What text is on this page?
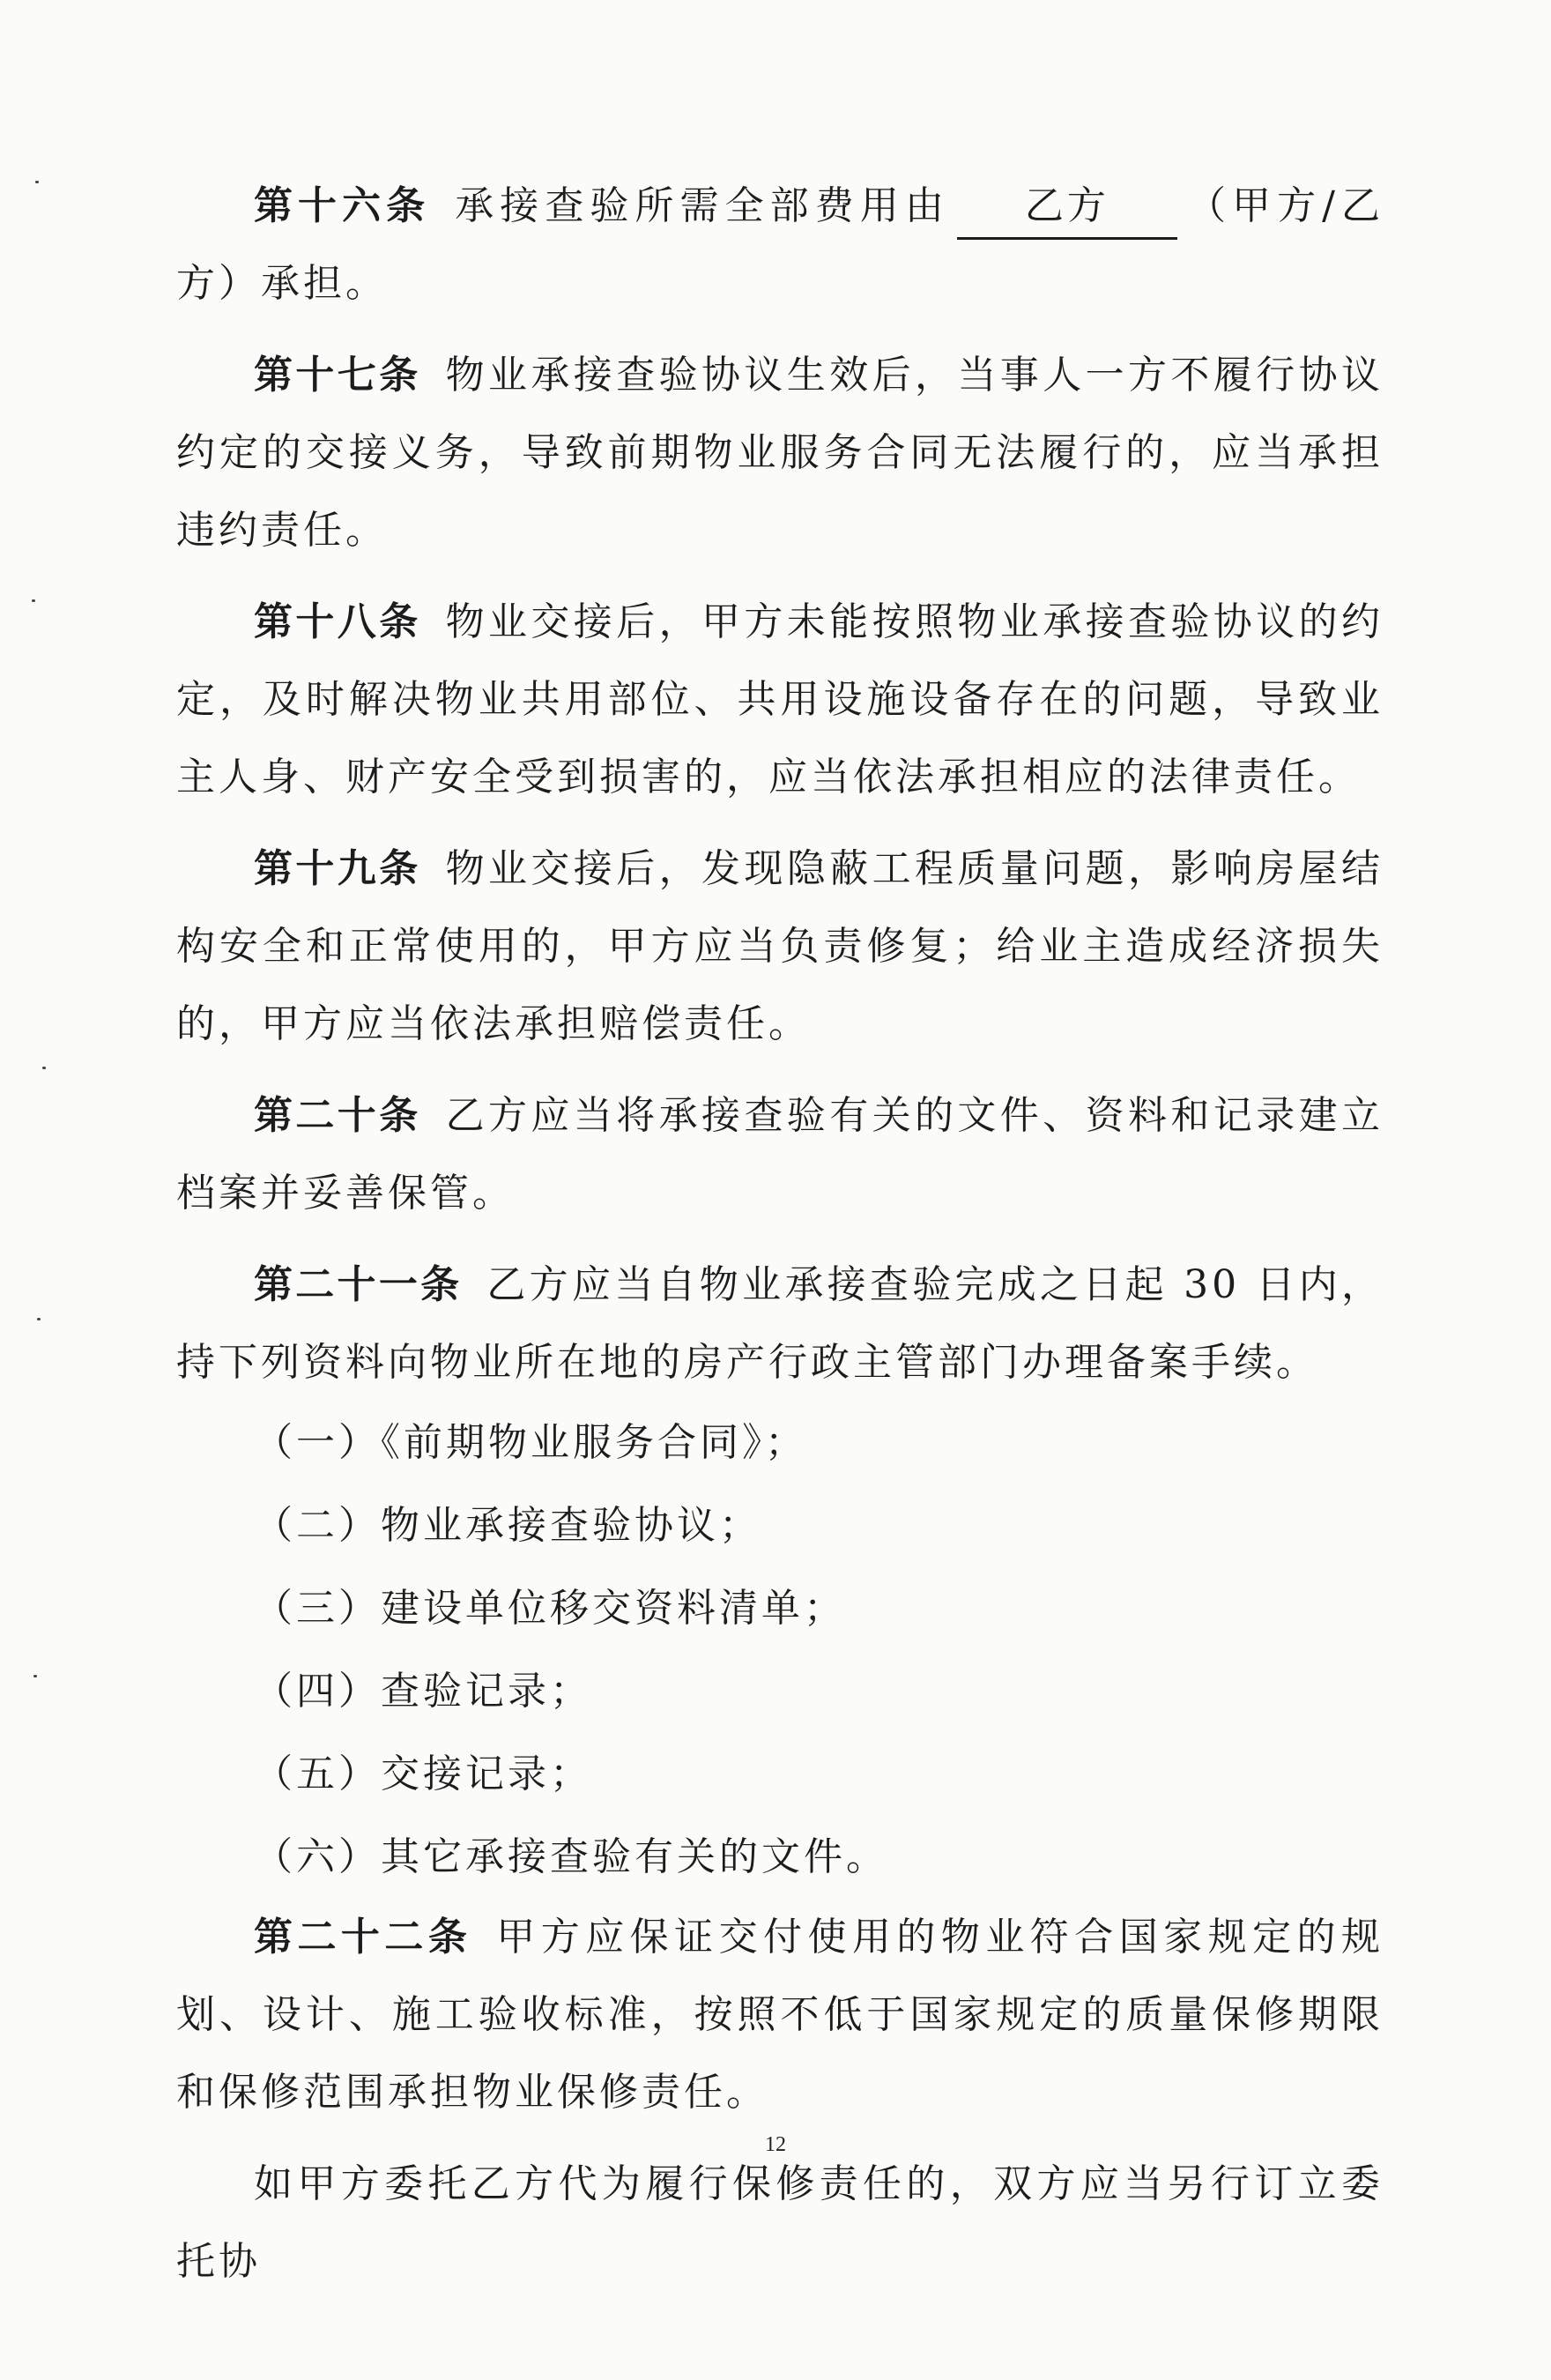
第十六条 承接查验所需全部费用由 乙方 （甲方/乙方）承担。

第十七条 物业承接查验协议生效后，当事人一方不履行协议约定的交接义务，导致前期物业服务合同无法履行的，应当承担违约责任。

第十八条 物业交接后，甲方未能按照物业承接查验协议的约定，及时解决物业共用部位、共用设施设备存在的问题，导致业主人身、财产安全受到损害的，应当依法承担相应的法律责任。

第十九条 物业交接后，发现隐蔽工程质量问题，影响房屋结构安全和正常使用的，甲方应当负责修复；给业主造成经济损失的，甲方应当依法承担赔偿责任。

第二十条 乙方应当将承接查验有关的文件、资料和记录建立档案并妥善保管。

第二十一条 乙方应当自物业承接查验完成之日起 30 日内，持下列资料向物业所在地的房产行政主管部门办理备案手续。

（一）《前期物业服务合同》；

（二）物业承接查验协议；

（三）建设单位移交资料清单；

（四）查验记录；

（五）交接记录；

（六）其它承接查验有关的文件。

第二十二条 甲方应保证交付使用的物业符合国家规定的规划、设计、施工验收标准，按照不低于国家规定的质量保修期限和保修范围承担物业保修责任。

如甲方委托乙方代为履行保修责任的，双方应当另行订立委托协

12
